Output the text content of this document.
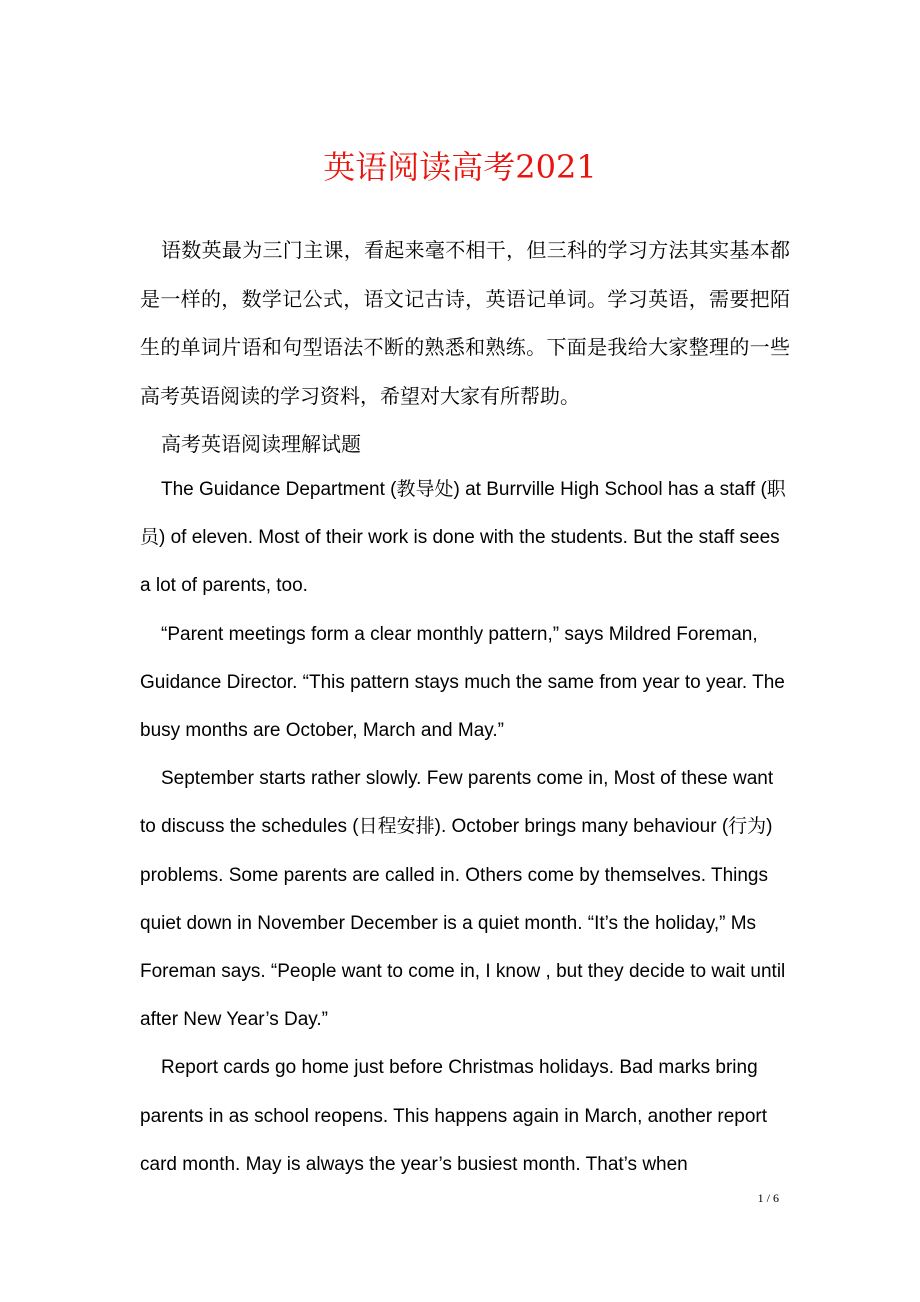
英语阅读高考2021

语数英最为三门主课，看起来毫不相干，但三科的学习方法其实基本都是一样的，数学记公式，语文记古诗，英语记单词。学习英语，需要把陌生的单词片语和句型语法不断的熟悉和熟练。下面是我给大家整理的一些高考英语阅读的学习资料，希望对大家有所帮助。

高考英语阅读理解试题

The Guidance Department (教导处) at Burrville High School has a staff (职员) of eleven. Most of their work is done with the students. But the staff sees a lot of parents, too.

“Parent meetings form a clear monthly pattern,” says Mildred Foreman, Guidance Director. “This pattern stays much the same from year to year. The busy months are October, March and May.”

September starts rather slowly. Few parents come in, Most of these want to discuss the schedules (日程安排). October brings many behaviour (行为) problems. Some parents are called in. Others come by themselves. Things quiet down in November December is a quiet month. “It’s the holiday,” Ms Foreman says. “People want to come in, I know , but they decide to wait until after New Year’s Day.”

Report cards go home just before Christmas holidays. Bad marks bring parents in as school reopens. This happens again in March, another report card month. May is always the year’s busiest month. That’s when

1 / 6
